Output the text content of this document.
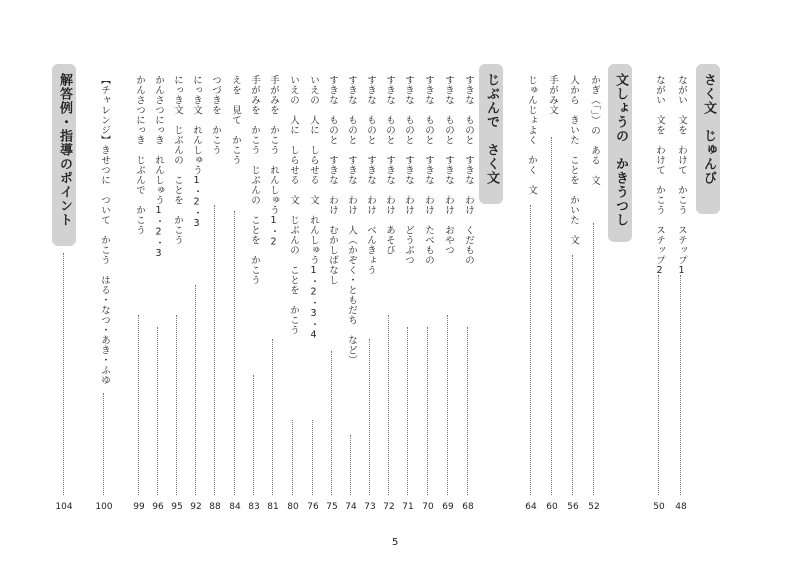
さく文　じゅんび
ながい　文を　わけて　かこう　ステップ1
48
ながい　文を　わけて　かこう　ステップ2
50
文しょうの　かきうつし
かぎ（「」）の　ある　文
52
人から　きいた　ことを　かいた　文
56
手がみ文
60
じゅんじょよく　かく　文
64
じぶんで　さく文
すきな　ものと　すきな　わけ　くだもの
68
すきな　ものと　すきな　わけ　おやつ
69
すきな　ものと　すきな　わけ　たべもの
70
すきな　ものと　すきな　わけ　どうぶつ
71
すきな　ものと　すきな　わけ　あそび
72
すきな　ものと　すきな　わけ　べんきょう
73
すきな　ものと　すきな　わけ　人（かぞく・ともだち　など）
74
すきな　ものと　すきな　わけ　むかしばなし
75
いえの　人に　しらせる　文　れんしゅう1・2・3・4
76
いえの　人に　しらせる　文　じぶんの　ことを　かこう
80
手がみを　かこう　れんしゅう1・2
81
手がみを　かこう　じぶんの　ことを　かこう
83
えを　見て　かこう
84
つづきを　かこう
88
にっき文　れんしゅう1・2・3
92
にっき文　じぶんの　ことを　かこう
95
かんさつにっき　れんしゅう1・2・3
96
かんさつにっき　じぶんで　かこう
99
【チャレンジ】きせつに　ついて　かこう　はる・なつ・あき・ふゆ
100
解答例・指導のポイント
104
5
